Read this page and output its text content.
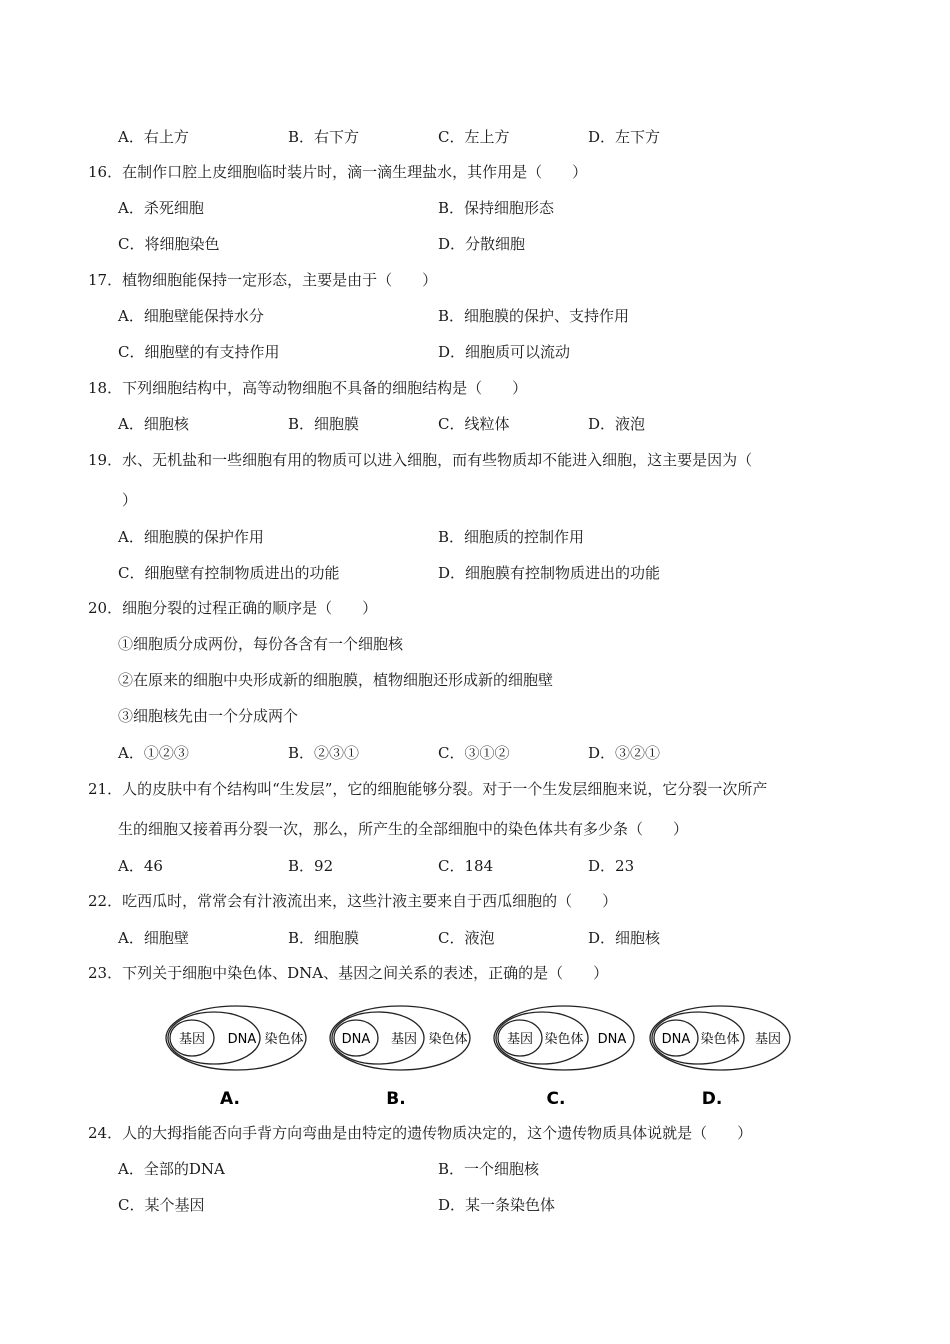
A．右上方	B．右下方	C．左上方	D．左下方
16．在制作口腔上皮细胞临时装片时，滴一滴生理盐水，其作用是（　　）
A．杀死细胞	B．保持细胞形态
C．将细胞染色	D．分散细胞
17．植物细胞能保持一定形态，主要是由于（　　）
A．细胞壁能保持水分	B．细胞膜的保护、支持作用
C．细胞壁的有支持作用	D．细胞质可以流动
18．下列细胞结构中，高等动物细胞不具备的细胞结构是（　　）
A．细胞核	B．细胞膜	C．线粒体	D．液泡
19．水、无机盐和一些细胞有用的物质可以进入细胞，而有些物质却不能进入细胞，这主要是因为（
）
A．细胞膜的保护作用	B．细胞质的控制作用
C．细胞壁有控制物质进出的功能	D．细胞膜有控制物质进出的功能
20．细胞分裂的过程正确的顺序是（　　）
①细胞质分成两份，每份各含有一个细胞核
②在原来的细胞中央形成新的细胞膜，植物细胞还形成新的细胞壁
③细胞核先由一个分成两个
A．①②③	B．②③①	C．③①②	D．③②①
21．人的皮肤中有个结构叫“生发层”，它的细胞能够分裂。对于一个生发层细胞来说，它分裂一次所产
生的细胞又接着再分裂一次，那么，所产生的全部细胞中的染色体共有多少条（　　）
A．46	B．92	C．184	D．23
22．吃西瓜时，常常会有汁液流出来，这些汁液主要来自于西瓜细胞的（　　）
A．细胞壁	B．细胞膜	C．液泡	D．细胞核
23．下列关于细胞中染色体、DNA、基因之间关系的表述，正确的是（　　）
基因 DNA 染色体
A.
DNA 基因 染色体
B.
基因 染色体 DNA
C.
DNA 染色体 基因
D.
24．人的大拇指能否向手背方向弯曲是由特定的遗传物质决定的，这个遗传物质具体说就是（　　）
A．全部的DNA	B．一个细胞核
C．某个基因	D．某一条染色体
